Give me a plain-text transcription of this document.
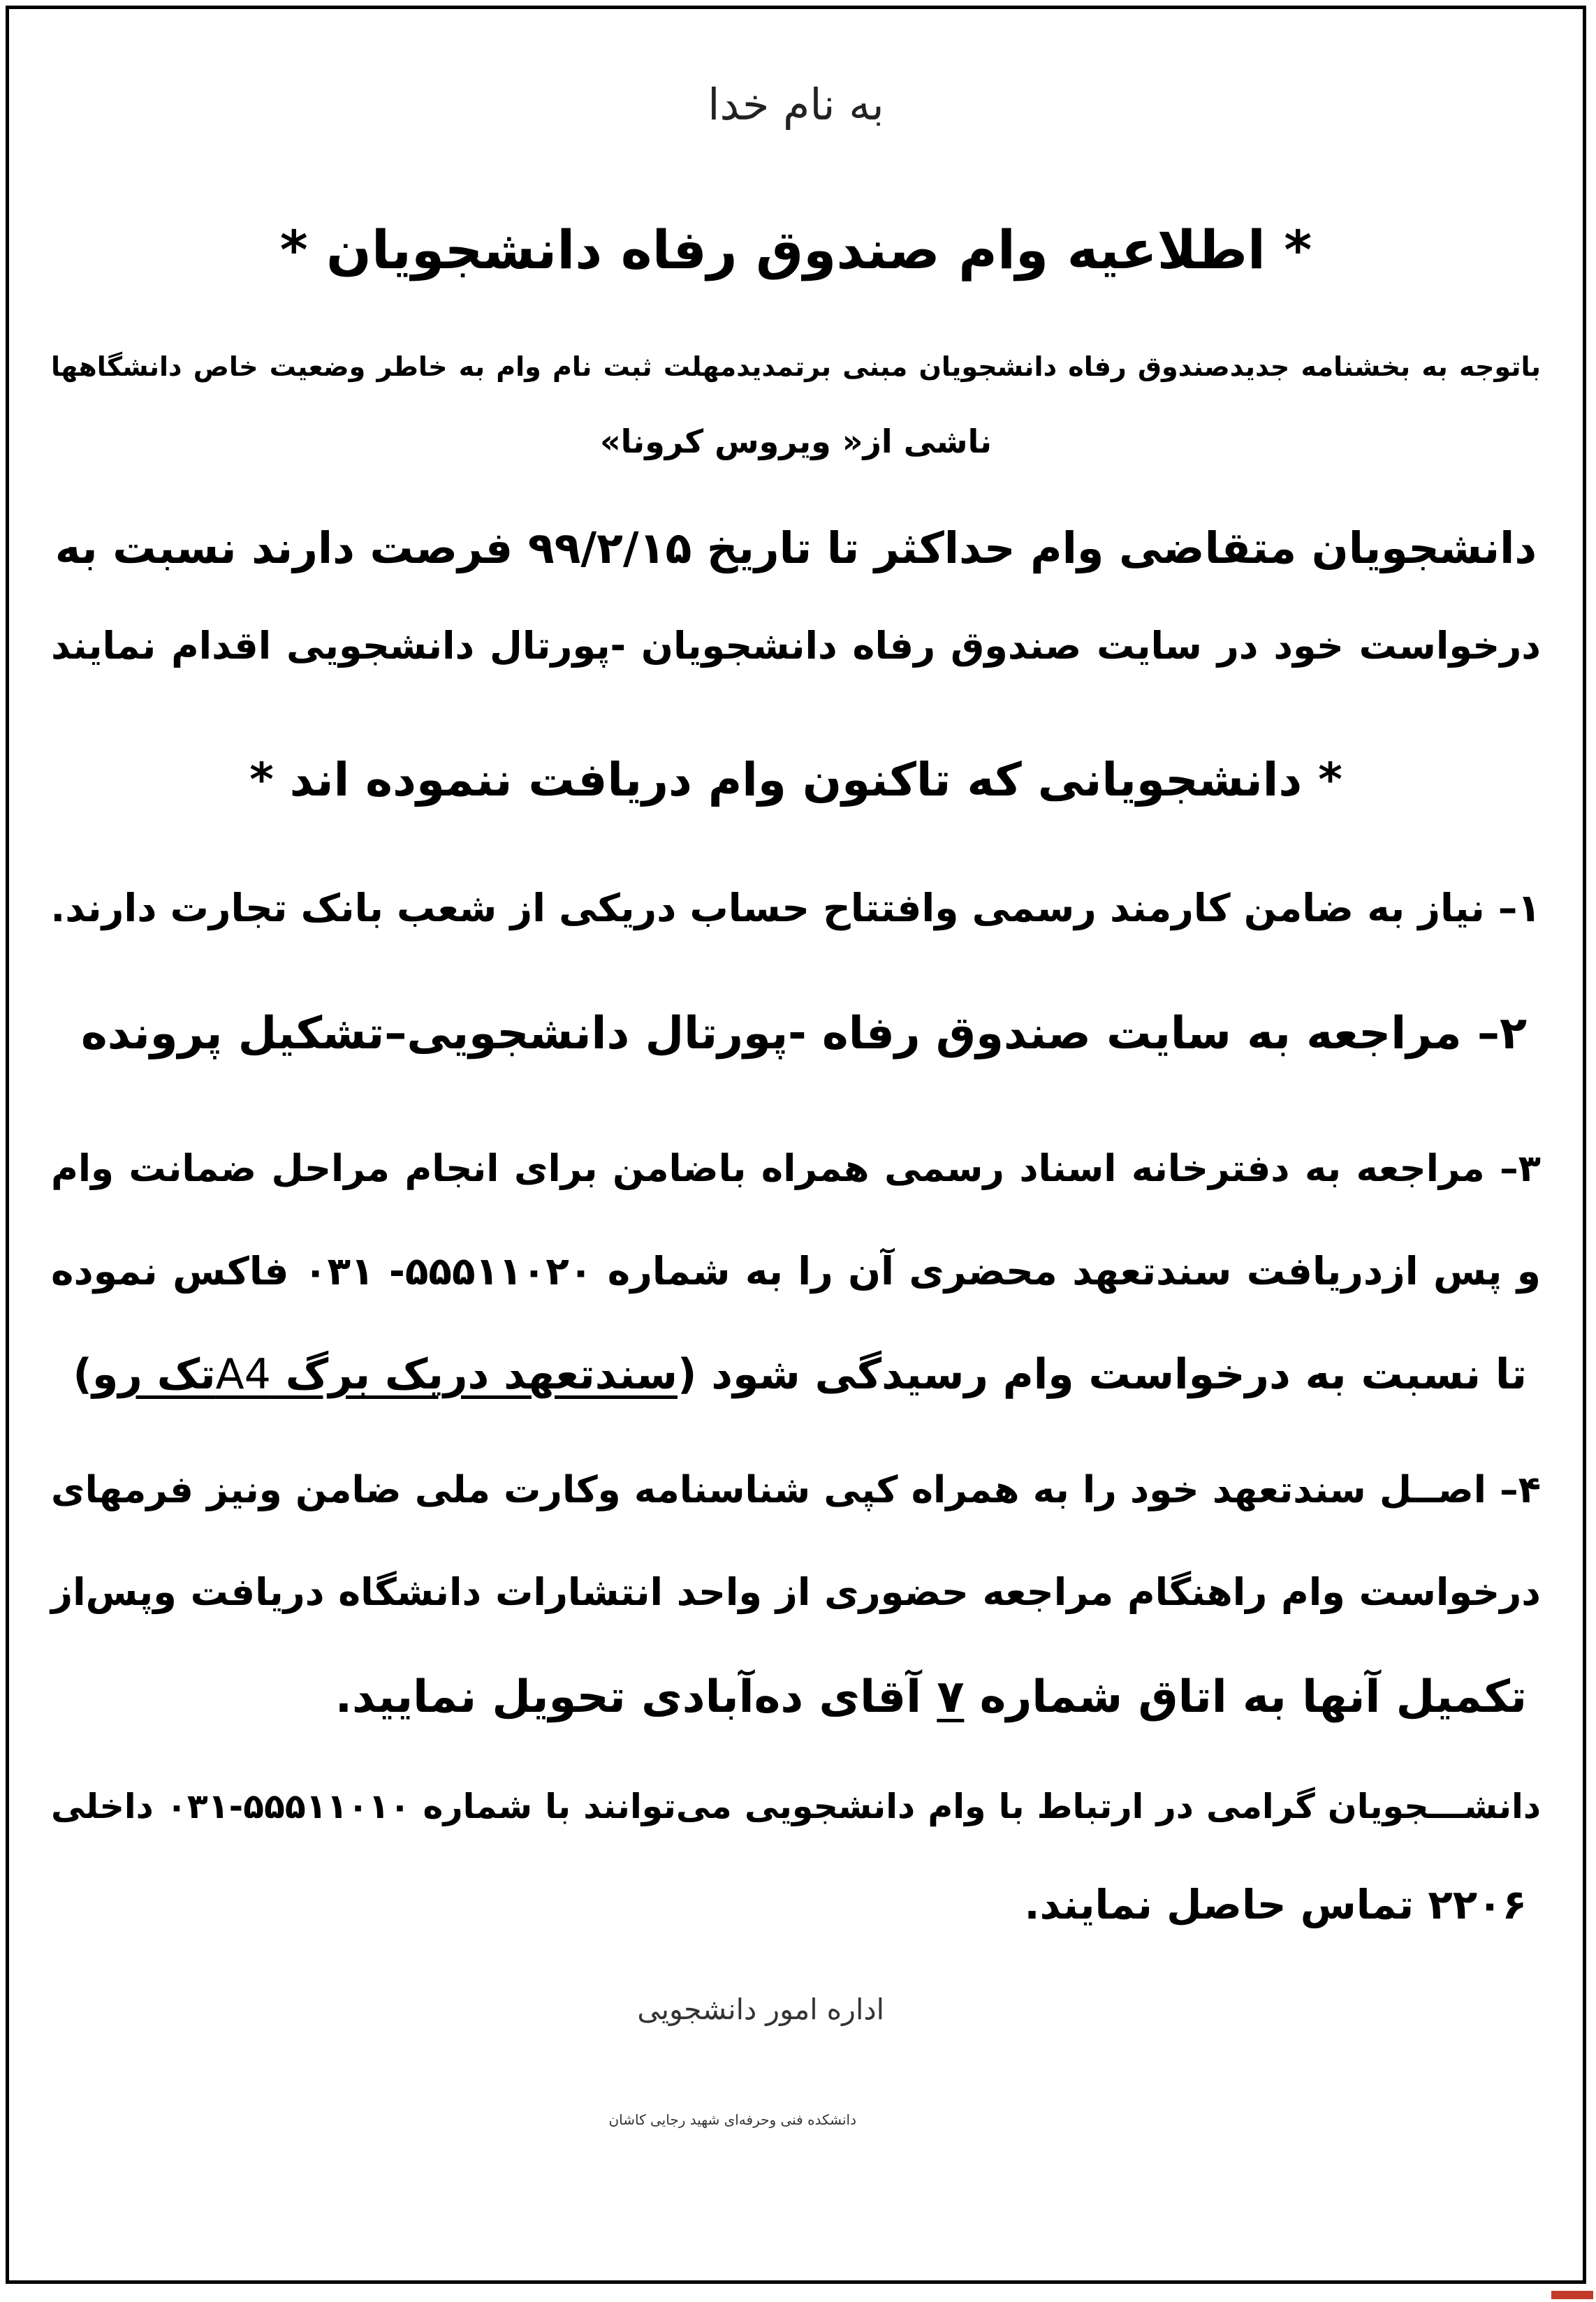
به نام خدا
* اطلاعیه وام صندوق رفاه دانشجویان *
باتوجه به بخشنامه جدیدصندوق رفاه دانشجویان مبنی برتمدیدمهلت ثبت نام وام به خاطر وضعیت خاص دانشگاهها
ناشی از« ویروس کرونا»
دانشجویان متقاضی وام حداکثر تا تاریخ ۹۹/۲/۱۵ فرصت دارند نسبت به
درخواست خود در سایت صندوق رفاه دانشجویان -پورتال دانشجویی اقدام نمایند
* دانشجویانی که تاکنون وام دریافت ننموده اند *
۱– نیاز به ضامن کارمند رسمی وافتتاح حساب دریکی از شعب بانک تجارت دارند.
۲– مراجعه به سایت صندوق رفاه -پورتال دانشجویی–تشکیل پرونده
۳– مراجعه به دفترخانه اسناد رسمی همراه باضامن برای انجام مراحل ضمانت وام
و پس ازدریافت سندتعهد محضری آن را به شماره ۵۵۵۱۱۰۲۰- ۰۳۱ فاکس نموده
تا نسبت به درخواست وام رسیدگی شود (سندتعهد دریک برگ A4تک رو)
۴– اصــل سندتعهد خود را به همراه کپی شناسنامه وکارت ملی ضامن ونیز فرمهای
درخواست وام راهنگام مراجعه حضوری از واحد انتشارات دانشگاه دریافت وپس‌از
تکمیل آنها به اتاق شماره ۷ آقای ده‌آبادی تحویل نمایید.
دانشـــجویان گرامی در ارتباط با وام دانشجویی می‌توانند با شماره ۵۵۵۱۱۰۱۰-۰۳۱ داخلی
۲۲۰۶ تماس حاصل نمایند.
اداره امور دانشجویی
دانشکده فنی وحرفه‌ای شهید رجایی کاشان
